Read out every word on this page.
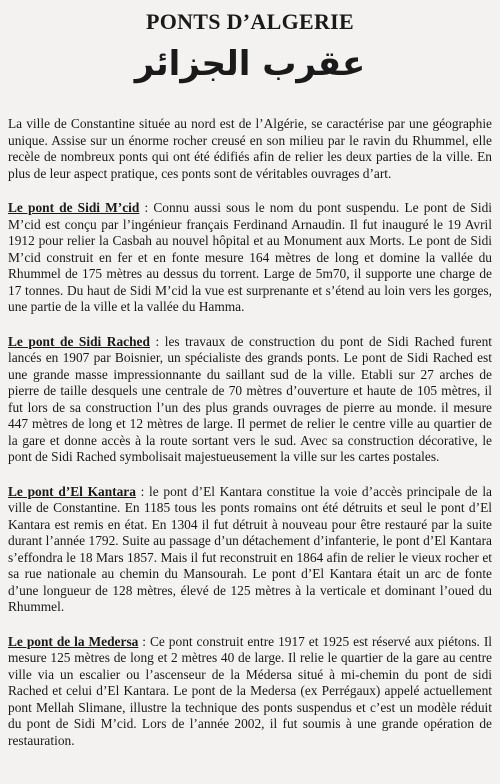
PONTS D’ALGERIE
عقرب الجزائر

La ville de Constantine située au nord est de l’Algérie, se caractérise par une géographie unique. Assise sur un énorme rocher creusé en son milieu par le ravin du Rhummel, elle recèle de nombreux ponts qui ont été édifiés afin de relier les deux parties de la ville. En plus de leur aspect pratique, ces ponts sont de véritables ouvrages d’art.

Le pont de Sidi M’cid : Connu aussi sous le nom du pont suspendu. Le pont de Sidi M’cid est conçu par l’ingénieur français Ferdinand Arnaudin. Il fut inauguré le 19 Avril 1912 pour relier la Casbah au nouvel hôpital et au Monument aux Morts. Le pont de Sidi M’cid construit en fer et en fonte mesure 164 mètres de long et domine la vallée du Rhummel de 175 mètres au dessus du torrent. Large de 5m70, il supporte une charge de 17 tonnes. Du haut de Sidi M’cid la vue est surprenante et s’étend au loin vers les gorges, une partie de la ville et la vallée du Hamma.

Le pont de Sidi Rached : les travaux de construction du pont de Sidi Rached furent lancés en 1907 par Boisnier, un spécialiste des grands ponts. Le pont de Sidi Rached est une grande masse impressionnante du saillant sud de la ville. Etabli sur 27 arches de pierre de taille desquels une centrale de 70 mètres d’ouverture et haute de 105 mètres, il fut lors de sa construction l’un des plus grands ouvrages de pierre au monde. il mesure 447 mètres de long et 12 mètres de large. Il permet de relier le centre ville au quartier de la gare et donne accès à la route sortant vers le sud. Avec sa construction décorative, le pont de Sidi Rached symbolisait majestueusement la ville sur les cartes postales.

Le pont d’El Kantara : le pont d’El Kantara constitue la voie d’accès principale de la ville de Constantine. En 1185 tous les ponts romains ont été détruits et seul le pont d’El Kantara est remis en état. En 1304 il fut détruit à nouveau pour être restauré par la suite durant l’année 1792. Suite au passage d’un détachement d’infanterie, le pont d’El Kantara s’effondra le 18 Mars 1857. Mais il fut reconstruit en 1864 afin de relier le vieux rocher et sa rue nationale au chemin du Mansourah. Le pont d’El Kantara était un arc de fonte d’une longueur de 128 mètres, élevé de 125 mètres à la verticale et dominant l’oued du Rhummel.

Le pont de la Medersa : Ce pont construit entre 1917 et 1925 est réservé aux piétons. Il mesure 125 mètres de long et 2 mètres 40 de large. Il relie le quartier de la gare au centre ville via un escalier ou l’ascenseur de la Médersa situé à mi-chemin du pont de sidi Rached et celui d’El Kantara. Le pont de la Medersa (ex Perrégaux) appelé actuellement pont Mellah Slimane, illustre la technique des ponts suspendus et c’est un modèle réduit du pont de Sidi M’cid. Lors de l’année 2002, il fut soumis à une grande opération de restauration.
